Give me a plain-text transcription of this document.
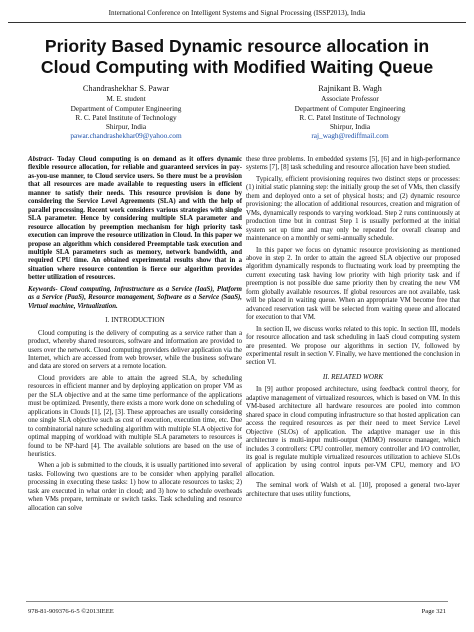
International Conference on Intelligent Systems and Signal Processing (ISSP2013), India
Priority Based Dynamic resource allocation in
Cloud Computing with Modified Waiting Queue
Chandrashekhar S. Pawar
M. E. student
Department of Computer Engineering
R. C. Patel Institute of Technology
Shirpur, India
pawar.chandrashekhar09@yahoo.com
Rajnikant B. Wagh
Associate Professor
Department of Computer Engineering
R. C. Patel Institute of Technology
Shirpur, India
raj_wagh@rediffmail.com

Abstract- Today Cloud computing is on demand as it offers dynamic flexible resource allocation, for reliable and guaranteed services in pay-as-you-use manner, to Cloud service users. So there must be a provision that all resources are made available to requesting users in efficient manner to satisfy their needs. This resource provision is done by considering the Service Level Agreements (SLA) and with the help of parallel processing. Recent work considers various strategies with single SLA parameter. Hence by considering multiple SLA parameter and resource allocation by preemption mechanism for high priority task execution can improve the resource utilization in Cloud. In this paper we propose an algorithm which considered Preemptable task execution and multiple SLA parameters such as memory, network bandwidth, and required CPU time. An obtained experimental results show that in a situation where resource contention is fierce our algorithm provides better utilization of resources.

Keywords- Cloud computing, Infrastructure as a Service (IaaS), Platform as a Service (PaaS), Resource management, Software as a Service (SaaS), Virtual machine, Virtualization.

I. INTRODUCTION

Cloud computing is the delivery of computing as a service rather than a product, whereby shared resources, software and information are provided to users over the network. Cloud computing providers deliver application via the Internet, which are accessed from web browser, while the business software and data are stored on servers at a remote location.

Cloud providers are able to attain the agreed SLA, by scheduling resources in efficient manner and by deploying application on proper VM as per the SLA objective and at the same time performance of the applications must be optimized. Presently, there exists a more work done on scheduling of applications in Clouds [1], [2], [3]. These approaches are usually considering one single SLA objective such as cost of execution, execution time, etc. Due to combinatorial nature scheduling algorithm with multiple SLA objective for optimal mapping of workload with multiple SLA parameters to resources is found to be NP-hard [4]. The available solutions are based on the use of heuristics.

When a job is submitted to the clouds, it is usually partitioned into several tasks. Following two questions are to be consider when applying parallel processing in executing these tasks: 1) how to allocate resources to tasks; 2) task are executed in what order in cloud; and 3) how to schedule overheads when VMs prepare, terminate or switch tasks. Task scheduling and resource allocation can solve

these three problems. In embedded systems [5], [6] and in high-performance systems [7], [8] task scheduling and resource allocation have been studied.

Typically, efficient provisioning requires two distinct steps or processes: (1) initial static planning step: the initially group the set of VMs, then classify them and deployed onto a set of physical hosts; and (2) dynamic resource provisioning: the allocation of additional resources, creation and migration of VMs, dynamically responds to varying workload. Step 2 runs continuously at production time but in contrast Step 1 is usually performed at the initial system set up time and may only be repeated for overall cleanup and maintenance on a monthly or semi-annually schedule.

In this paper we focus on dynamic resource provisioning as mentioned above in step 2. In order to attain the agreed SLA objective our proposed algorithm dynamically responds to fluctuating work load by preempting the current executing task having low priority with high priority task and if preemption is not possible due same priority then by creating the new VM form globally available resources. If global resources are not available, task will be placed in waiting queue. When an appropriate VM become free that advanced reservation task will be selected from waiting queue and allocated for execution to that VM.

In section II, we discuss works related to this topic. In section III, models for resource allocation and task scheduling in IaaS cloud computing system are presented. We propose our algorithms in section IV, followed by experimental result in section V. Finally, we have mentioned the conclusion in section VI.

II. RELATED WORK

In [9] author proposed architecture, using feedback control theory, for adaptive management of virtualized resources, which is based on VM. In this VM-based architecture all hardware resources are pooled into common shared space in cloud computing infrastructure so that hosted application can access the required resources as per their need to meet Service Level Objective (SLOs) of application. The adaptive manager use in this architecture is multi-input multi-output (MIMO) resource manager, which includes 3 controllers: CPU controller, memory controller and I/O controller, its goal is regulate multiple virtualized resources utilization to achieve SLOs of application by using control inputs per-VM CPU, memory and I/O allocation.

The seminal work of Walsh et al. [10], proposed a general two-layer architecture that uses utility functions,

978-81-909376-6-5 ©2013IEEE	Page 321
